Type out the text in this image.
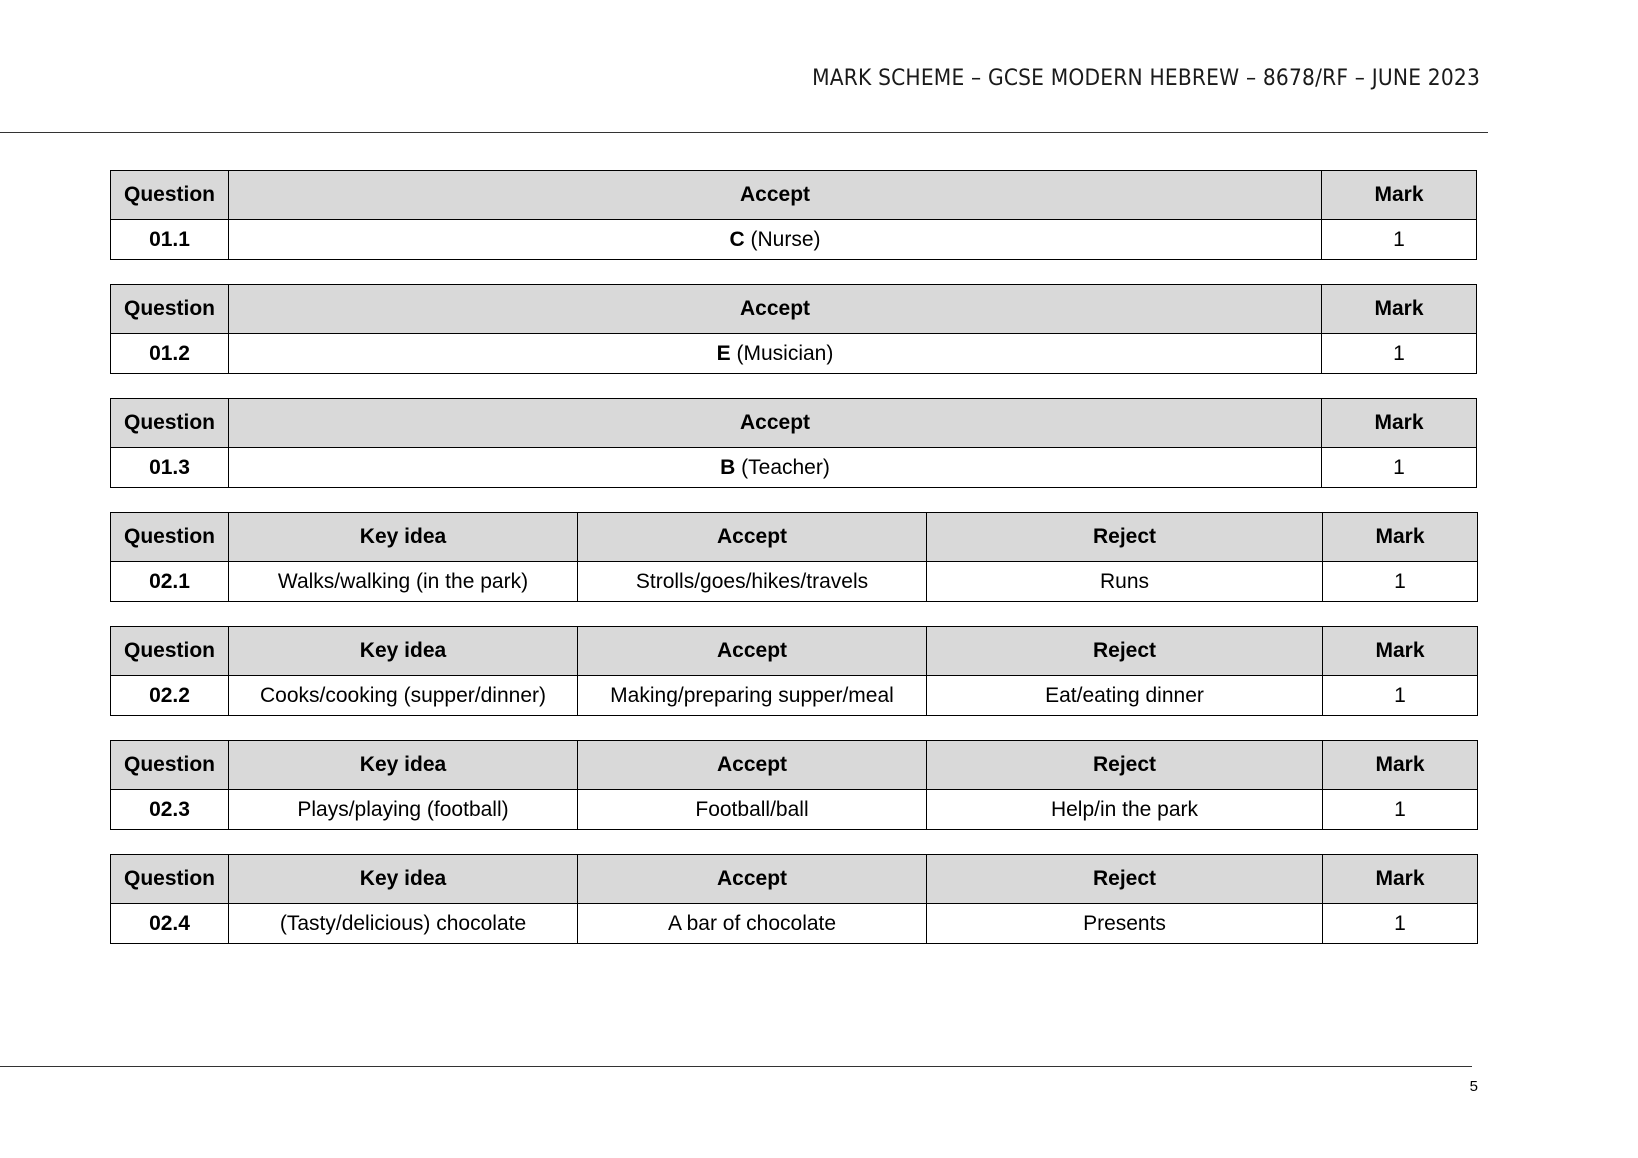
MARK SCHEME – GCSE MODERN HEBREW – 8678/RF – JUNE 2023
Question	Accept	Mark
01.1	C (Nurse)	1
Question	Accept	Mark
01.2	E (Musician)	1
Question	Accept	Mark
01.3	B (Teacher)	1
Question	Key idea	Accept	Reject	Mark
02.1	Walks/walking (in the park)	Strolls/goes/hikes/travels	Runs	1
Question	Key idea	Accept	Reject	Mark
02.2	Cooks/cooking (supper/dinner)	Making/preparing supper/meal	Eat/eating dinner	1
Question	Key idea	Accept	Reject	Mark
02.3	Plays/playing (football)	Football/ball	Help/in the park	1
Question	Key idea	Accept	Reject	Mark
02.4	(Tasty/delicious) chocolate	A bar of chocolate	Presents	1
5
